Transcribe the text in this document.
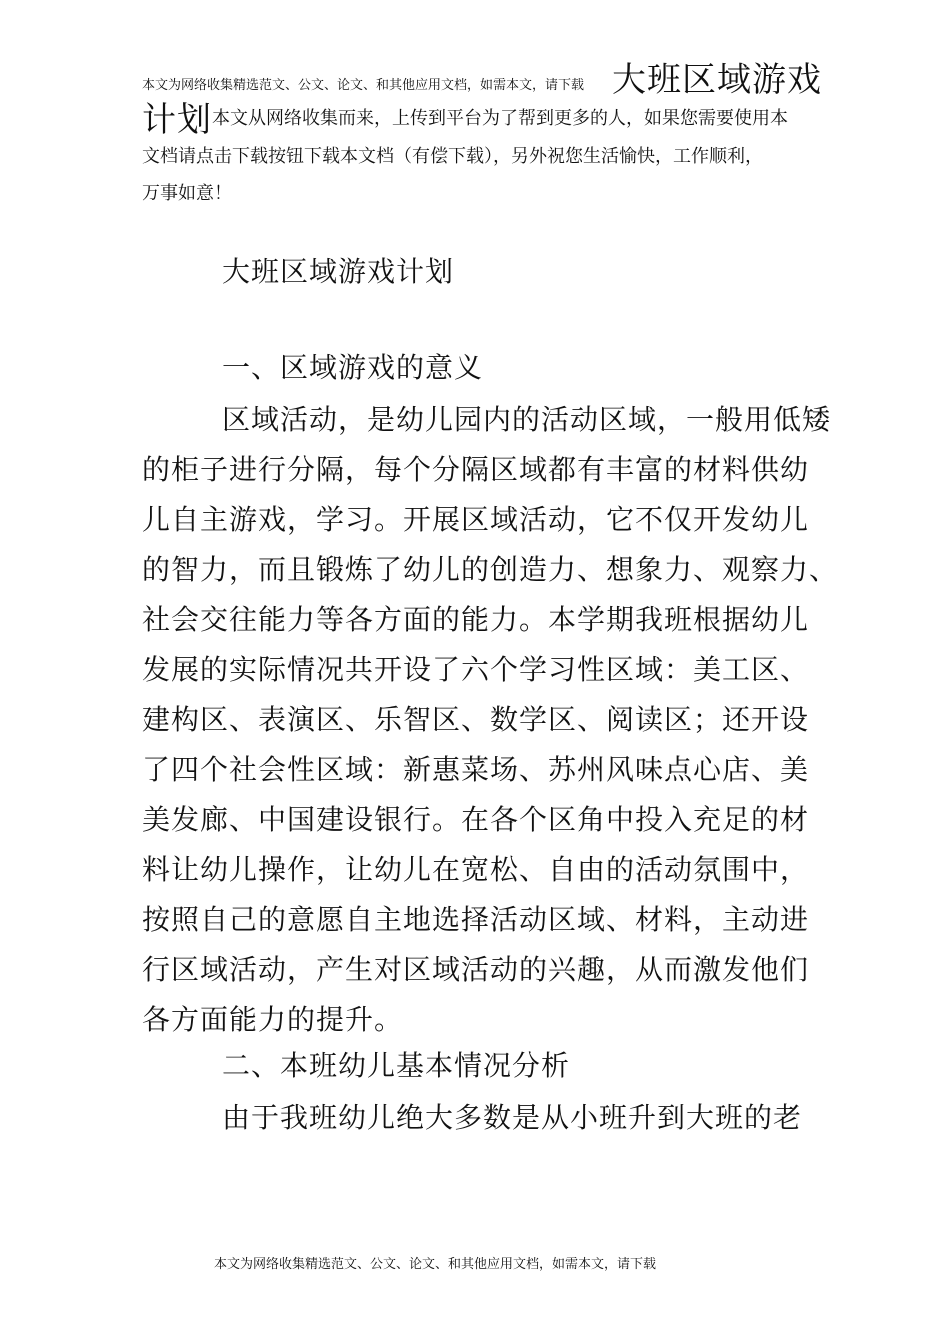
本文为网络收集精选范文、公文、论文、和其他应用文档，如需本文，请下载 大班区域游戏
计划 本文从网络收集而来，上传到平台为了帮到更多的人，如果您需要使用本
文档请点击下载按钮下载本文档（有偿下载），另外祝您生活愉快，工作顺利，
万事如意！
大班区域游戏计划
一、区域游戏的意义
区域活动，是幼儿园内的活动区域，一般用低矮
的柜子进行分隔，每个分隔区域都有丰富的材料供幼
儿自主游戏，学习。开展区域活动，它不仅开发幼儿
的智力，而且锻炼了幼儿的创造力、想象力、观察力、
社会交往能力等各方面的能力。本学期我班根据幼儿
发展的实际情况共开设了六个学习性区域：美工区、
建构区、表演区、乐智区、数学区、阅读区；还开设
了四个社会性区域：新惠菜场、苏州风味点心店、美
美发廊、中国建设银行。在各个区角中投入充足的材
料让幼儿操作，让幼儿在宽松、自由的活动氛围中，
按照自己的意愿自主地选择活动区域、材料，主动进
行区域活动，产生对区域活动的兴趣，从而激发他们
各方面能力的提升。
二、本班幼儿基本情况分析
由于我班幼儿绝大多数是从小班升到大班的老
本文为网络收集精选范文、公文、论文、和其他应用文档，如需本文，请下载
